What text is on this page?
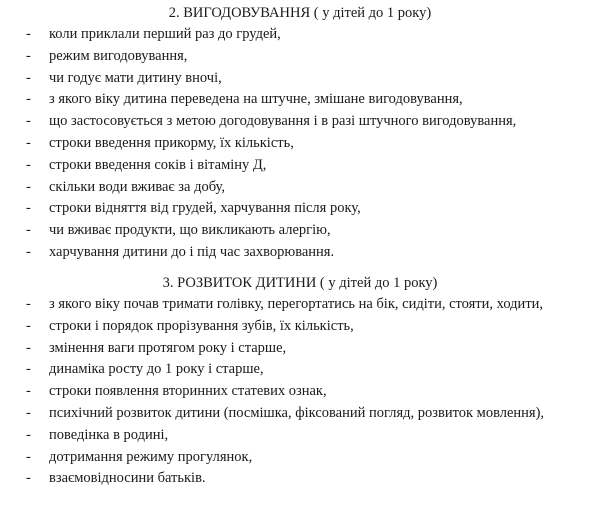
2. ВИГОДОВУВАННЯ ( у дітей до 1 року)
- коли приклали перший раз до грудей,
- режим вигодовування,
- чи годує мати дитину вночі,
- з якого віку дитина переведена на штучне, змішане вигодовування,
- що застосовується з метою догодовування і в разі штучного вигодовування,
- строки введення прикорму, їх кількість,
- строки введення соків і вітаміну Д,
- скільки води вживає за добу,
- строки відняття від грудей, харчування після року,
- чи вживає продукти, що викликають алергію,
- харчування дитини до і під час захворювання.
3. РОЗВИТОК ДИТИНИ ( у дітей до 1 року)
- з якого віку почав тримати голівку, перегортатись на бік, сидіти, стояти, ходити,
- строки і порядок прорізування зубів, їх кількість,
- змінення ваги протягом року і старше,
- динаміка росту до 1 року і старше,
- строки появлення вторинних статевих ознак,
- психічний розвиток дитини (посмішка, фіксований погляд, розвиток мовлення),
- поведінка в родині,
- дотримання режиму прогулянок,
- взаємовідносини батьків.
